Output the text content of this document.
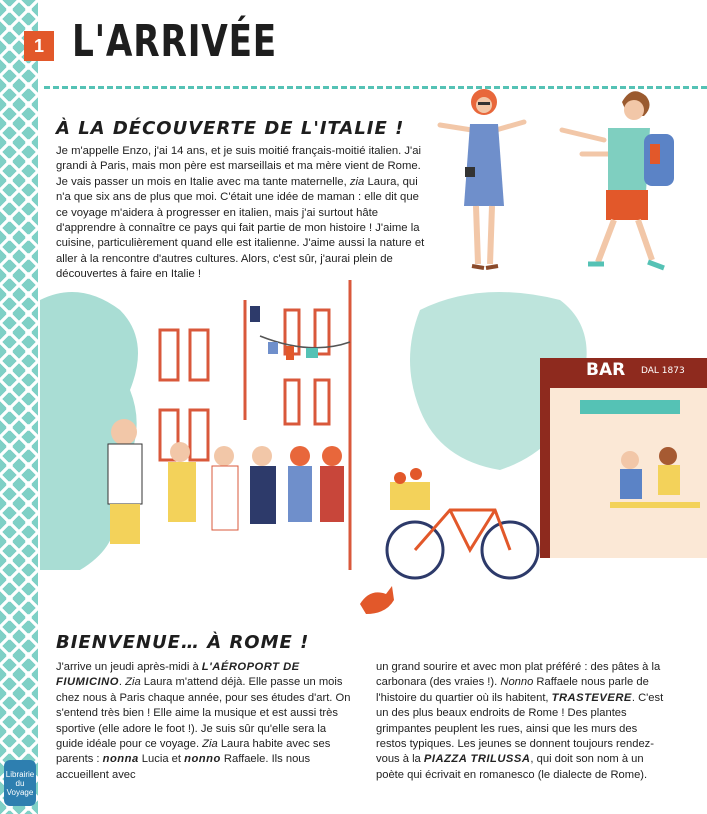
1 L'ARRIVÉE
À LA DÉCOUVERTE DE L'ITALIE !

Je m'appelle Enzo, j'ai 14 ans, et je suis moitié français-moitié italien. J'ai grandi à Paris, mais mon père est marseillais et ma mère vient de Rome. Je vais passer un mois en Italie avec ma tante maternelle, zia Laura, qui n'a que six ans de plus que moi. C'était une idée de maman : elle dit que ce voyage m'aidera à progresser en italien, mais j'ai surtout hâte d'apprendre à connaître ce pays qui fait partie de mon histoire ! J'aime la cuisine, particulièrement quand elle est italienne. J'aime aussi la nature et aller à la rencontre d'autres cultures. Alors, c'est sûr, j'aurai plein de découvertes à faire en Italie !

BAR DAL 1873
BIENVENUE… À ROME !

J'arrive un jeudi après-midi à L'AÉROPORT DE FIUMICINO. Zia Laura m'attend déjà. Elle passe un mois chez nous à Paris chaque année, pour ses études d'art. On s'entend très bien ! Elle aime la musique et est aussi très sportive (elle adore le foot !). Je suis sûr qu'elle sera la guide idéale pour ce voyage. Zia Laura habite avec ses parents : nonna Lucia et nonno Raffaele. Ils nous accueillent avec

un grand sourire et avec mon plat préféré : des pâtes à la carbonara (des vraies !). Nonno Raffaele nous parle de l'histoire du quartier où ils habitent, TRASTEVERE. C'est un des plus beaux endroits de Rome ! Des plantes grimpantes peuplent les rues, ainsi que les murs des restos typiques. Les jeunes se donnent toujours rendez-vous à la PIAZZA TRILUSSA, qui doit son nom à un poète qui écrivait en romanesco (le dialecte de Rome).

Librairie du Voyage
